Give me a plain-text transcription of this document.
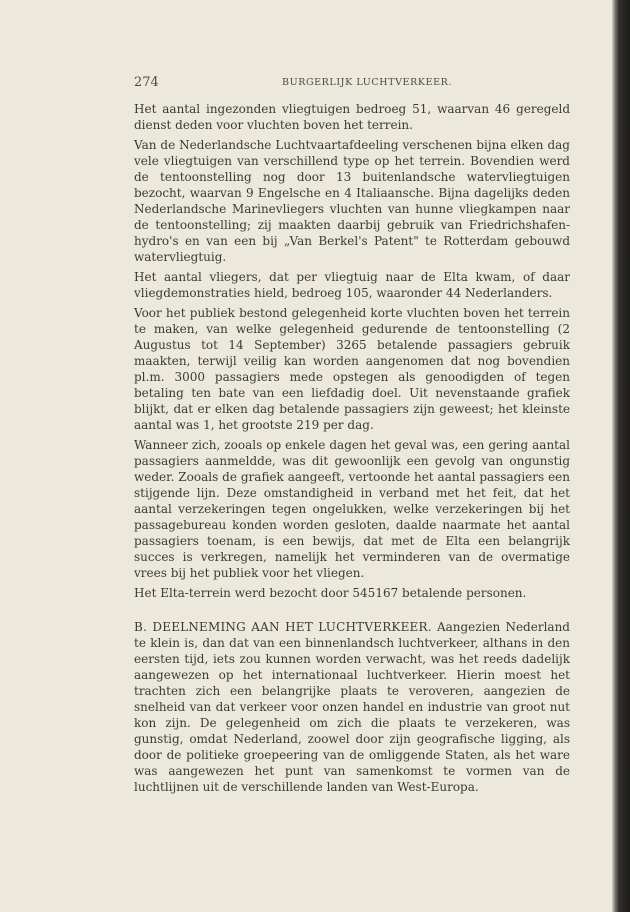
274	BURGERLIJK LUCHTVERKEER.

Het aantal ingezonden vliegtuigen bedroeg 51, waarvan 46 geregeld dienst deden voor vluchten boven het terrein.

Van de Nederlandsche Luchtvaartafdeeling verschenen bijna elken dag vele vliegtuigen van verschillend type op het terrein. Bovendien werd de tentoonstelling nog door 13 buitenlandsche watervliegtuigen bezocht, waarvan 9 Engelsche en 4 Italiaansche. Bijna dagelijks deden Nederlandsche Marinevliegers vluchten van hunne vliegkampen naar de tentoonstelling; zij maakten daarbij gebruik van Friedrichshafen-hydro's en van een bij „Van Berkel's Patent" te Rotterdam gebouwd watervliegtuig.

Het aantal vliegers, dat per vliegtuig naar de Elta kwam, of daar vliegdemonstraties hield, bedroeg 105, waaronder 44 Nederlanders.

Voor het publiek bestond gelegenheid korte vluchten boven het terrein te maken, van welke gelegenheid gedurende de tentoonstelling (2 Augustus tot 14 September) 3265 betalende passagiers gebruik maakten, terwijl veilig kan worden aangenomen dat nog bovendien pl.m. 3000 passagiers mede opstegen als genoodigden of tegen betaling ten bate van een liefdadig doel. Uit nevenstaande grafiek blijkt, dat er elken dag betalende passagiers zijn geweest; het kleinste aantal was 1, het grootste 219 per dag.

Wanneer zich, zooals op enkele dagen het geval was, een gering aantal passagiers aanmeldde, was dit gewoonlijk een gevolg van ongunstig weder. Zooals de grafiek aangeeft, vertoonde het aantal passagiers een stijgende lijn. Deze omstandigheid in verband met het feit, dat het aantal verzekeringen tegen ongelukken, welke verzekeringen bij het passagebureau konden worden gesloten, daalde naarmate het aantal passagiers toenam, is een bewijs, dat met de Elta een belangrijk succes is verkregen, namelijk het verminderen van de overmatige vrees bij het publiek voor het vliegen.

Het Elta-terrein werd bezocht door 545167 betalende personen.

B. DEELNEMING AAN HET LUCHTVERKEER. Aangezien Nederland te klein is, dan dat van een binnenlandsch luchtverkeer, althans in den eersten tijd, iets zou kunnen worden verwacht, was het reeds dadelijk aangewezen op het internationaal luchtverkeer. Hierin moest het trachten zich een belangrijke plaats te veroveren, aangezien de snelheid van dat verkeer voor onzen handel en industrie van groot nut kon zijn. De gelegenheid om zich die plaats te verzekeren, was gunstig, omdat Nederland, zoowel door zijn geografische ligging, als door de politieke groepeering van de omliggende Staten, als het ware was aangewezen het punt van samenkomst te vormen van de luchtlijnen uit de verschillende landen van West-Europa.
